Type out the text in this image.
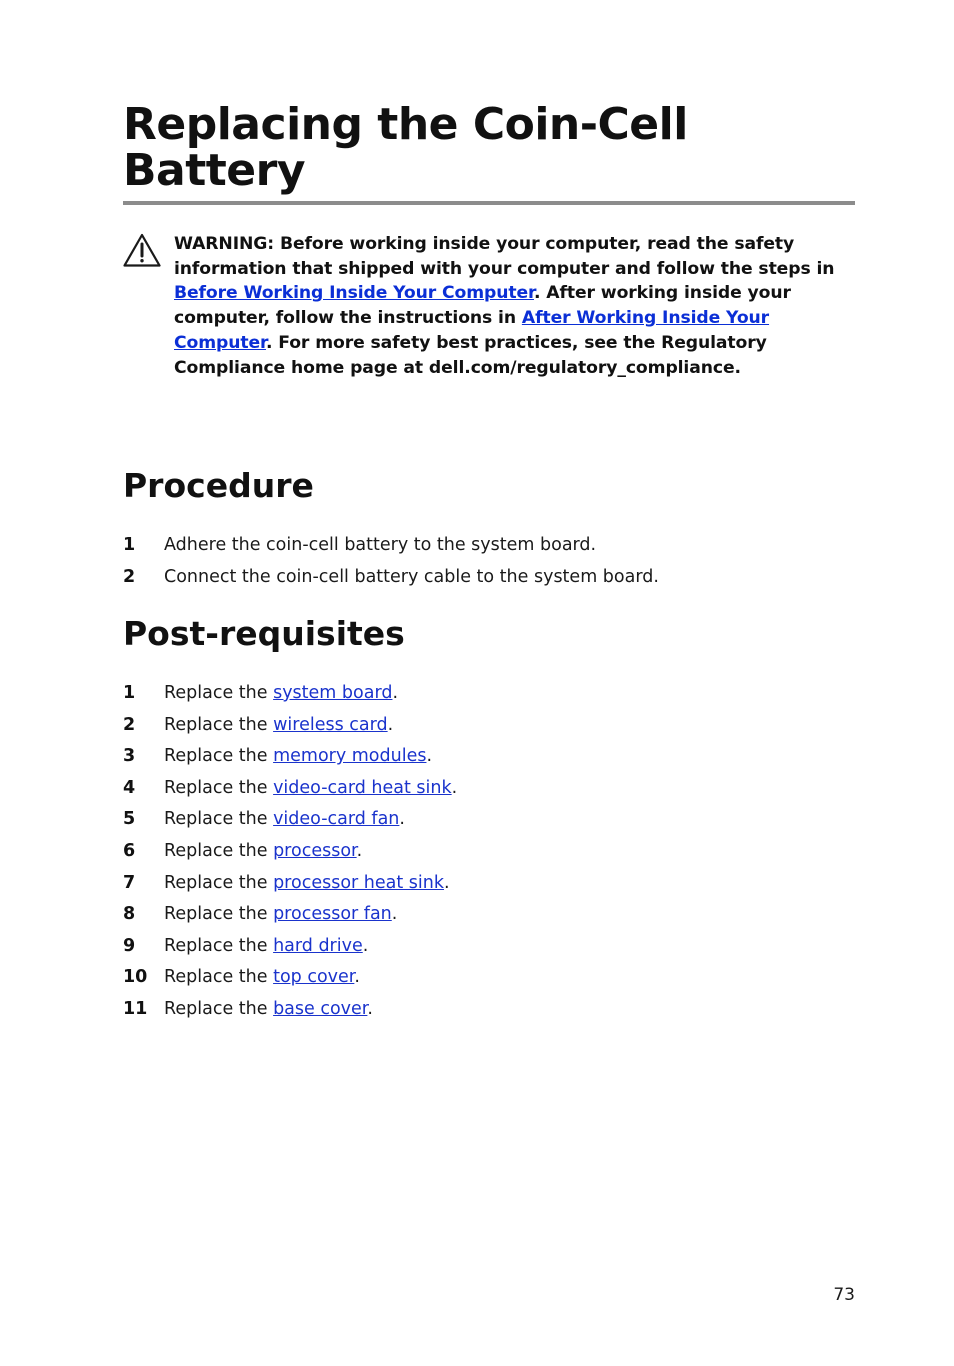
Replacing the Coin-Cell Battery

WARNING: Before working inside your computer, read the safety information that shipped with your computer and follow the steps in Before Working Inside Your Computer. After working inside your computer, follow the instructions in After Working Inside Your Computer. For more safety best practices, see the Regulatory Compliance home page at dell.com/regulatory_compliance.

Procedure
1 Adhere the coin-cell battery to the system board.
2 Connect the coin-cell battery cable to the system board.
Post-requisites
1 Replace the system board.
2 Replace the wireless card.
3 Replace the memory modules.
4 Replace the video-card heat sink.
5 Replace the video-card fan.
6 Replace the processor.
7 Replace the processor heat sink.
8 Replace the processor fan.
9 Replace the hard drive.
10 Replace the top cover.
11 Replace the base cover.
73
